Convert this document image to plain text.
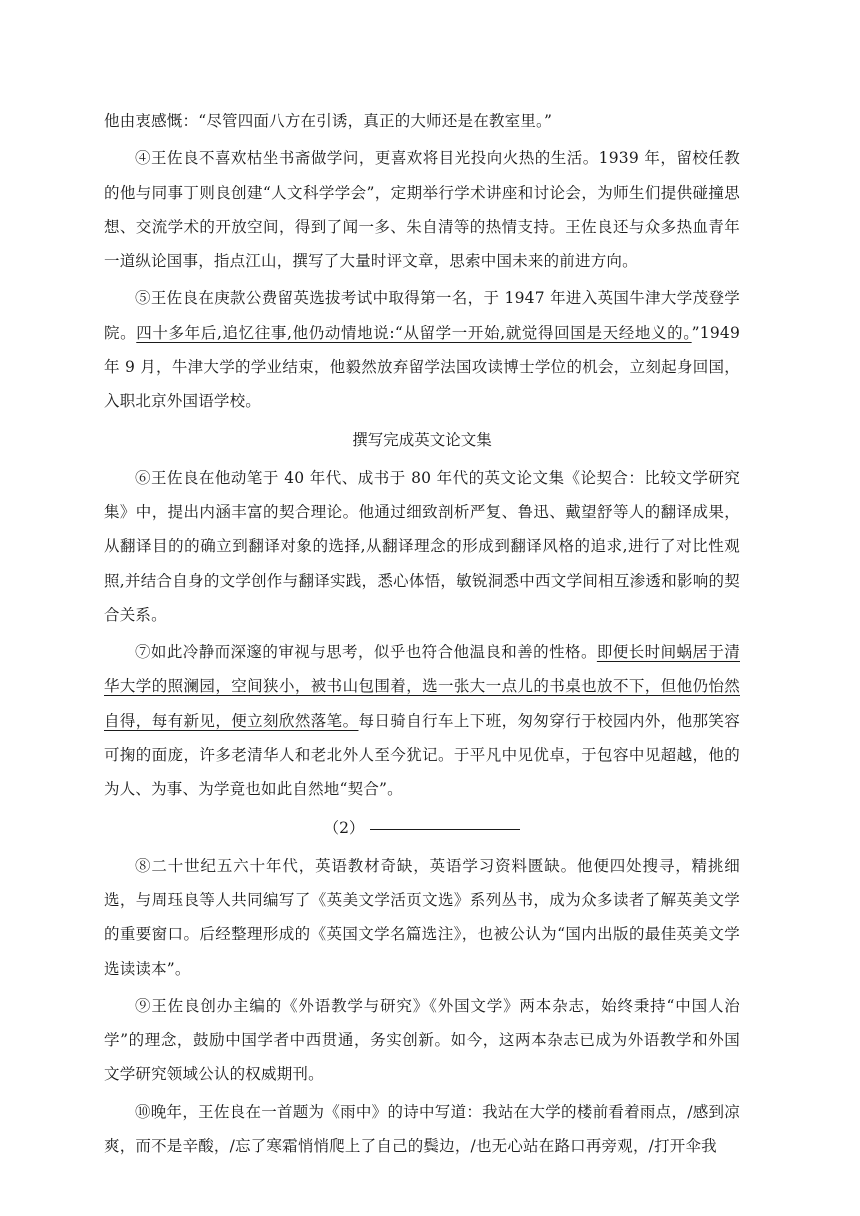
他由衷感慨：“尽管四面八方在引诱，真正的大师还是在教室里。”

④王佐良不喜欢枯坐书斋做学问，更喜欢将目光投向火热的生活。1939 年，留校任教的他与同事丁则良创建“人文科学学会”，定期举行学术讲座和讨论会，为师生们提供碰撞思想、交流学术的开放空间，得到了闻一多、朱自清等的热情支持。王佐良还与众多热血青年一道纵论国事，指点江山，撰写了大量时评文章，思索中国未来的前进方向。

⑤王佐良在庚款公费留英选拔考试中取得第一名，于 1947 年进入英国牛津大学茂登学院。四十多年后,追忆往事,他仍动情地说:“从留学一开始,就觉得回国是天经地义的。”1949 年 9 月，牛津大学的学业结束，他毅然放弃留学法国攻读博士学位的机会，立刻起身回国，入职北京外国语学校。

撰写完成英文论文集

⑥王佐良在他动笔于 40 年代、成书于 80 年代的英文论文集《论契合：比较文学研究集》中，提出内涵丰富的契合理论。他通过细致剖析严复、鲁迅、戴望舒等人的翻译成果，从翻译目的的确立到翻译对象的选择,从翻译理念的形成到翻译风格的追求,进行了对比性观照,并结合自身的文学创作与翻译实践，悉心体悟，敏锐洞悉中西文学间相互渗透和影响的契合关系。

⑦如此冷静而深邃的审视与思考，似乎也符合他温良和善的性格。即便长时间蜗居于清华大学的照澜园，空间狭小，被书山包围着，选一张大一点儿的书桌也放不下，但他仍怡然自得，每有新见，便立刻欣然落笔。每日骑自行车上下班，匆匆穿行于校园内外，他那笑容可掬的面庞，许多老清华人和老北外人至今犹记。于平凡中见优卓，于包容中见超越，他的为人、为事、为学竟也如此自然地“契合”。

（2）

⑧二十世纪五六十年代，英语教材奇缺，英语学习资料匮缺。他便四处搜寻，精挑细选，与周珏良等人共同编写了《英美文学活页文选》系列丛书，成为众多读者了解英美文学的重要窗口。后经整理形成的《英国文学名篇选注》，也被公认为“国内出版的最佳英美文学选读读本”。

⑨王佐良创办主编的《外语教学与研究》《外国文学》两本杂志，始终秉持“中国人治学”的理念，鼓励中国学者中西贯通，务实创新。如今，这两本杂志已成为外语教学和外国文学研究领域公认的权威期刊。

⑩晚年，王佐良在一首题为《雨中》的诗中写道：我站在大学的楼前看着雨点，/感到凉爽，而不是辛酸，/忘了寒霜悄悄爬上了自己的鬓边，/也无心站在路口再旁观，/打开伞我
